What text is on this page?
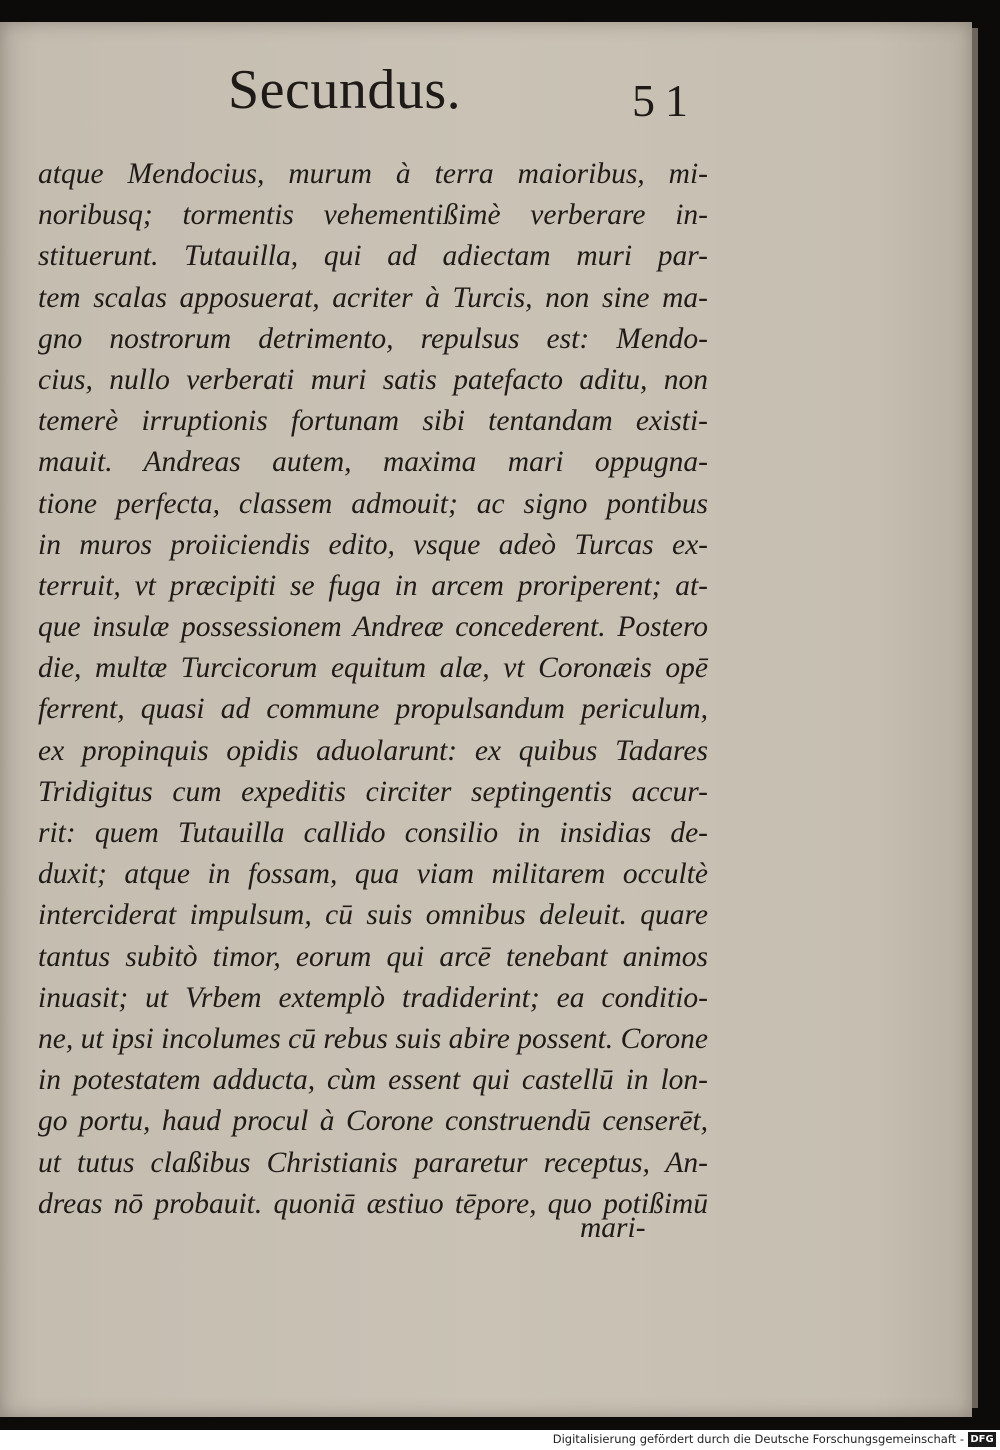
Secundus.	51
atque Mendocius, murum à terra maioribus, mi-
noribusq; tormentis vehementißimè verberare in-
stituerunt. Tutauilla, qui ad adiectam muri par-
tem scalas apposuerat, acriter à Turcis, non sine ma-
gno nostrorum detrimento, repulsus est: Mendo-
cius, nullo verberati muri satis patefacto aditu, non
temerè irruptionis fortunam sibi tentandam existi-
mauit. Andreas autem, maxima mari oppugna-
tione perfecta, classem admouit; ac signo pontibus
in muros proiiciendis edito, vsque adeò Turcas ex-
terruit, vt præcipiti se fuga in arcem proriperent; at-
que insulæ possessionem Andreæ concederent. Postero
die, multæ Turcicorum equitum alæ, vt Coronæis opē
ferrent, quasi ad commune propulsandum periculum,
ex propinquis opidis aduolarunt: ex quibus Tadares
Tridigitus cum expeditis circiter septingentis accur-
rit: quem Tutauilla callido consilio in insidias de-
duxit; atque in fossam, qua viam militarem occultè
interciderat impulsum, cū suis omnibus deleuit. quare
tantus subitò timor, eorum qui arcē tenebant animos
inuasit; ut Vrbem extemplò tradiderint; ea conditio-
ne, ut ipsi incolumes cū rebus suis abire possent. Corone
in potestatem adducta, cùm essent qui castellū in lon-
go portu, haud procul à Corone construendū censerēt,
ut tutus claßibus Christianis pararetur receptus, An-
dreas nō probauit. quoniā æstiuo tēpore, quo potißimū
mari-
Digitalisierung gefördert durch die Deutsche Forschungsgemeinschaft - DFG
